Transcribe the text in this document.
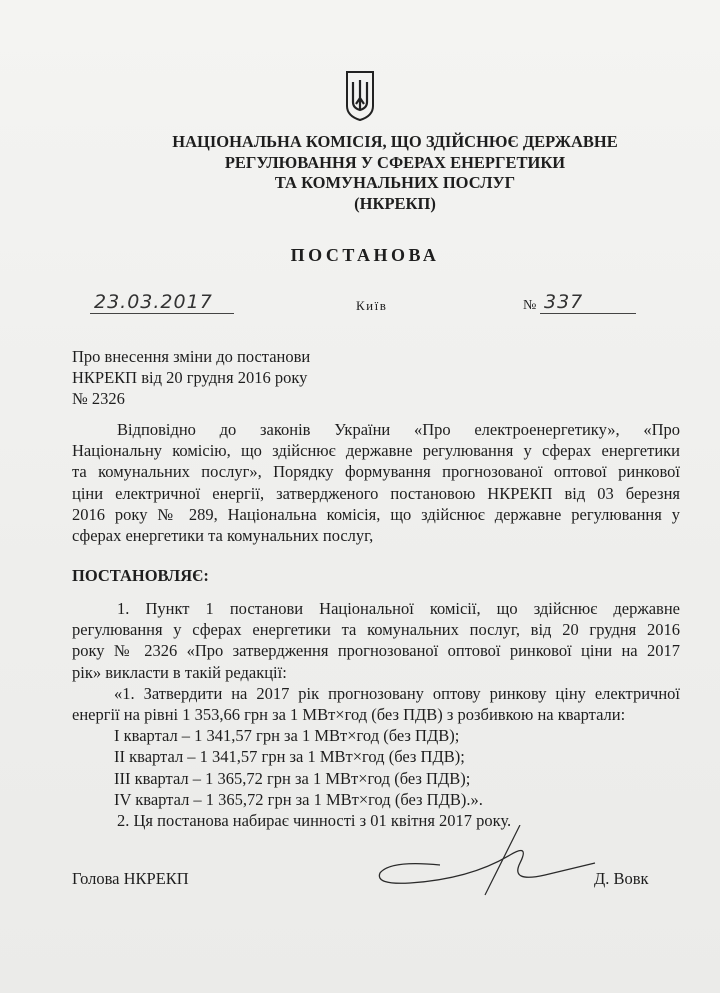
НАЦІОНАЛЬНА КОМІСІЯ, ЩО ЗДІЙСНЮЄ ДЕРЖАВНЕ
РЕГУЛЮВАННЯ У СФЕРАХ ЕНЕРГЕТИКИ
ТА КОМУНАЛЬНИХ ПОСЛУГ
(НКРЕКП)
ПОСТАНОВА
23.03.2017	Київ	№ 337
Про внесення зміни до постанови
НКРЕКП від 20 грудня 2016 року
№ 2326
Відповідно до законів України «Про електроенергетику», «Про
Національну комісію, що здійснює державне регулювання у сферах енергетики
та комунальних послуг», Порядку формування прогнозованої оптової ринкової
ціни електричної енергії, затвердженого постановою НКРЕКП від 03 березня
2016 року № 289, Національна комісія, що здійснює державне регулювання у
сферах енергетики та комунальних послуг,
ПОСТАНОВЛЯЄ:
1. Пункт 1 постанови Національної комісії, що здійснює державне
регулювання у сферах енергетики та комунальних послуг, від 20 грудня 2016
року № 2326 «Про затвердження прогнозованої оптової ринкової ціни на 2017
рік» викласти в такій редакції:
«1. Затвердити на 2017 рік прогнозовану оптову ринкову ціну електричної
енергії на рівні 1 353,66 грн за 1 МВт×год (без ПДВ) з розбивкою на квартали:
І квартал – 1 341,57 грн за 1 МВт×год (без ПДВ);
ІІ квартал – 1 341,57 грн за 1 МВт×год (без ПДВ);
ІІІ квартал – 1 365,72 грн за 1 МВт×год (без ПДВ);
IV квартал – 1 365,72 грн за 1 МВт×год (без ПДВ).».
2. Ця постанова набирає чинності з 01 квітня 2017 року.
Голова НКРЕКП	Д. Вовк
